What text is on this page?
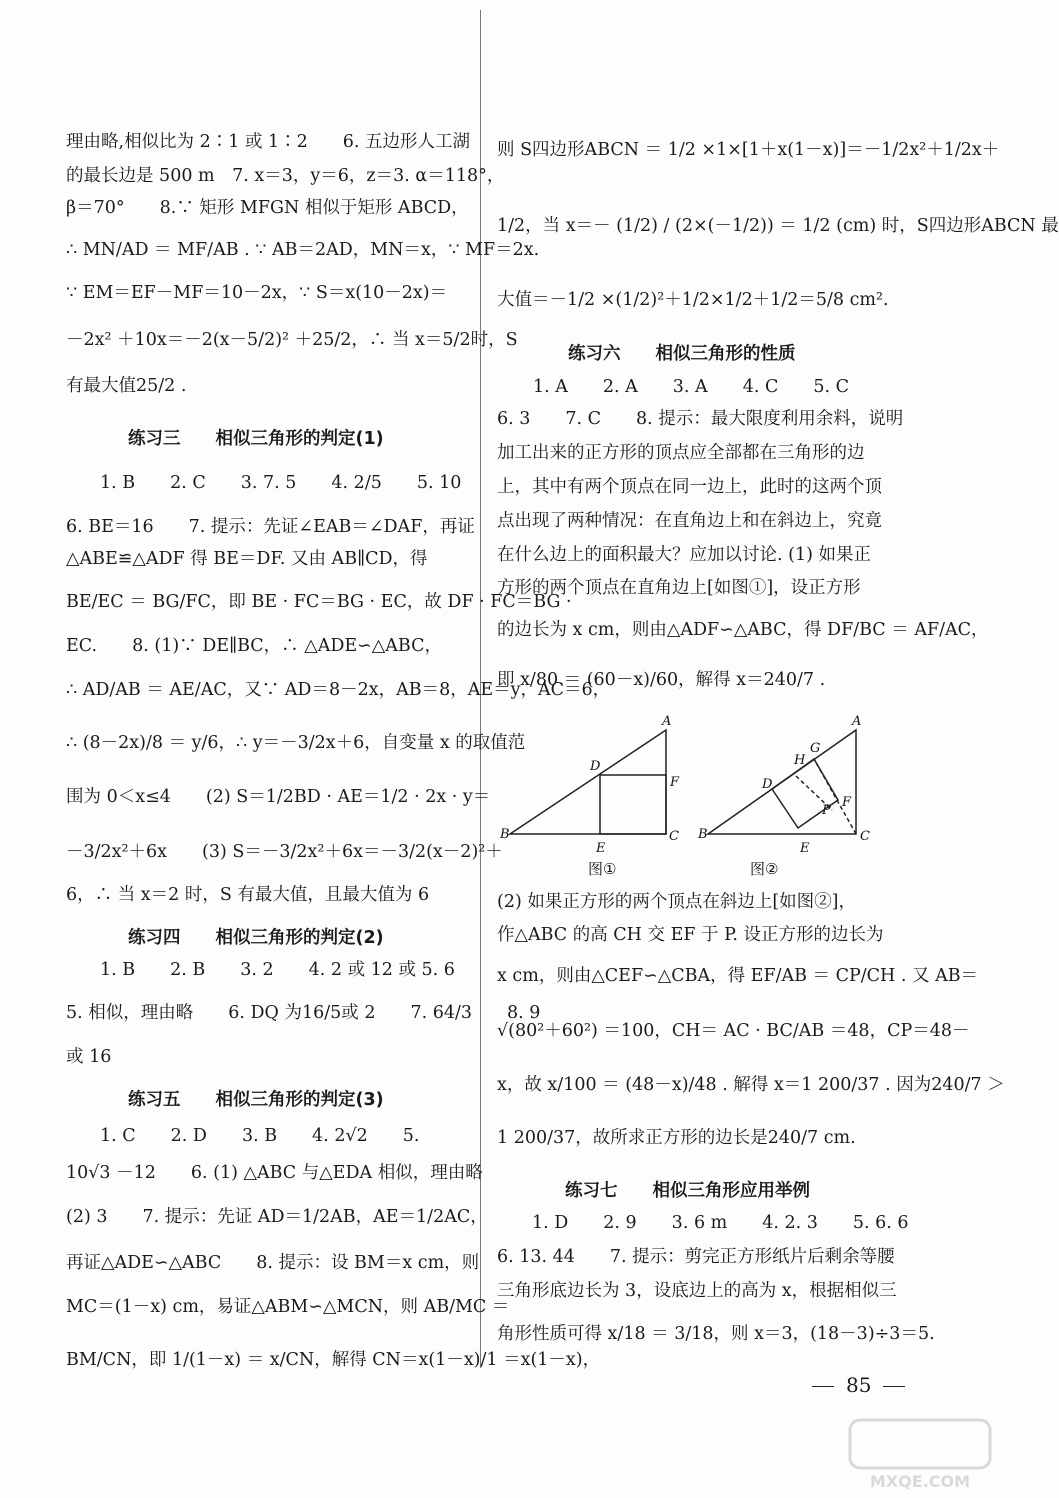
理由略,相似比为 2∶1 或 1∶2　　6. 五边形人工湖
的最长边是 500 m　7. x＝3，y＝6，z＝3. α＝118°，
β＝70°　　8.∵ 矩形 MFGN 相似于矩形 ABCD，
∴ MN/AD ＝ MF/AB . ∵ AB＝2AD，MN＝x，∵ MF＝2x.
∵ EM＝EF－MF＝10－2x，∵ S＝x(10－2x)＝
－2x² ＋10x＝－2(x－5/2)² ＋25/2，∴ 当 x＝5/2时，S
有最大值25/2 .
练习三　　相似三角形的判定(1)
1. B　　2. C　　3. 7. 5　　4. 2/5　　5. 10
6. BE＝16　　7. 提示：先证∠EAB＝∠DAF，再证
△ABE≌△ADF 得 BE＝DF. 又由 AB∥CD，得
BE/EC ＝ BG/FC，即 BE · FC＝BG · EC，故 DF · FC＝BG ·
EC.　　8. (1)∵ DE∥BC，∴ △ADE∽△ABC，
∴ AD/AB ＝ AE/AC，又∵ AD＝8－2x，AB＝8，AE＝y，AC＝6，
∴ (8－2x)/8 ＝ y/6，∴ y＝－3/2x＋6，自变量 x 的取值范
围为 0＜x≤4　　(2) S＝1/2BD · AE＝1/2 · 2x · y＝
－3/2x²＋6x　　(3) S＝－3/2x²＋6x＝－3/2(x－2)²＋
6，∴ 当 x＝2 时，S 有最大值，且最大值为 6
练习四　　相似三角形的判定(2)
1. B　　2. B　　3. 2　　4. 2 或 12 或 5. 6
5. 相似，理由略　　6. DQ 为16/5或 2　　7. 64/3　　8. 9
或 16
练习五　　相似三角形的判定(3)
1. C　　2. D　　3. B　　4. 2√2　　5.
10√3 －12　　6. (1) △ABC 与△EDA 相似，理由略
(2) 3　　7. 提示：先证 AD＝1/2AB，AE＝1/2AC，
再证△ADE∽△ABC　　8. 提示：设 BM＝x cm，则
MC＝(1－x) cm，易证△ABM∽△MCN，则 AB/MC ＝
BM/CN，即 1/(1－x) ＝ x/CN，解得 CN＝x(1－x)/1 ＝x(1－x)，
则 S四边形ABCN ＝ 1/2 ×1×[1＋x(1－x)]＝－1/2x²＋1/2x＋
1/2，当 x＝－ (1/2) / (2×(－1/2)) ＝ 1/2 (cm) 时，S四边形ABCN 最
大值＝－1/2 ×(1/2)²＋1/2×1/2＋1/2＝5/8 cm².
练习六　　相似三角形的性质
1. A　　2. A　　3. A　　4. C　　5. C
6. 3　　7. C　　8. 提示：最大限度利用余料，说明
加工出来的正方形的顶点应全部都在三角形的边
上，其中有两个顶点在同一边上，此时的这两个顶
点出现了两种情况：在直角边上和在斜边上，究竟
在什么边上的面积最大？应加以讨论. (1) 如果正
方形的两个顶点在直角边上[如图①]，设正方形
的边长为 x cm，则由△ADF∽△ABC，得 DF/BC ＝ AF/AC，
即 x/80 ＝ (60－x)/60，解得 x＝240/7 .
A
B	C
D
E
F
A
B	C
D
E
F
G
H
P
图①	图②
(2) 如果正方形的两个顶点在斜边上[如图②]，
作△ABC 的高 CH 交 EF 于 P. 设正方形的边长为
x cm，则由△CEF∽△CBA，得 EF/AB ＝ CP/CH . 又 AB＝
√(80²＋60²) ＝100，CH＝ AC · BC/AB ＝48，CP＝48－
x，故 x/100 ＝ (48－x)/48 . 解得 x＝1 200/37 . 因为240/7 ＞
1 200/37，故所求正方形的边长是240/7 cm.
练习七　　相似三角形应用举例
1. D　　2. 9　　3. 6 m　　4. 2. 3　　5. 6. 6
6. 13. 44　　7. 提示：剪完正方形纸片后剩余等腰
三角形底边长为 3，设底边上的高为 x，根据相似三
角形性质可得 x/18 ＝ 3/18，则 x＝3，(18－3)÷3＝5.
85
MXQE.COM
